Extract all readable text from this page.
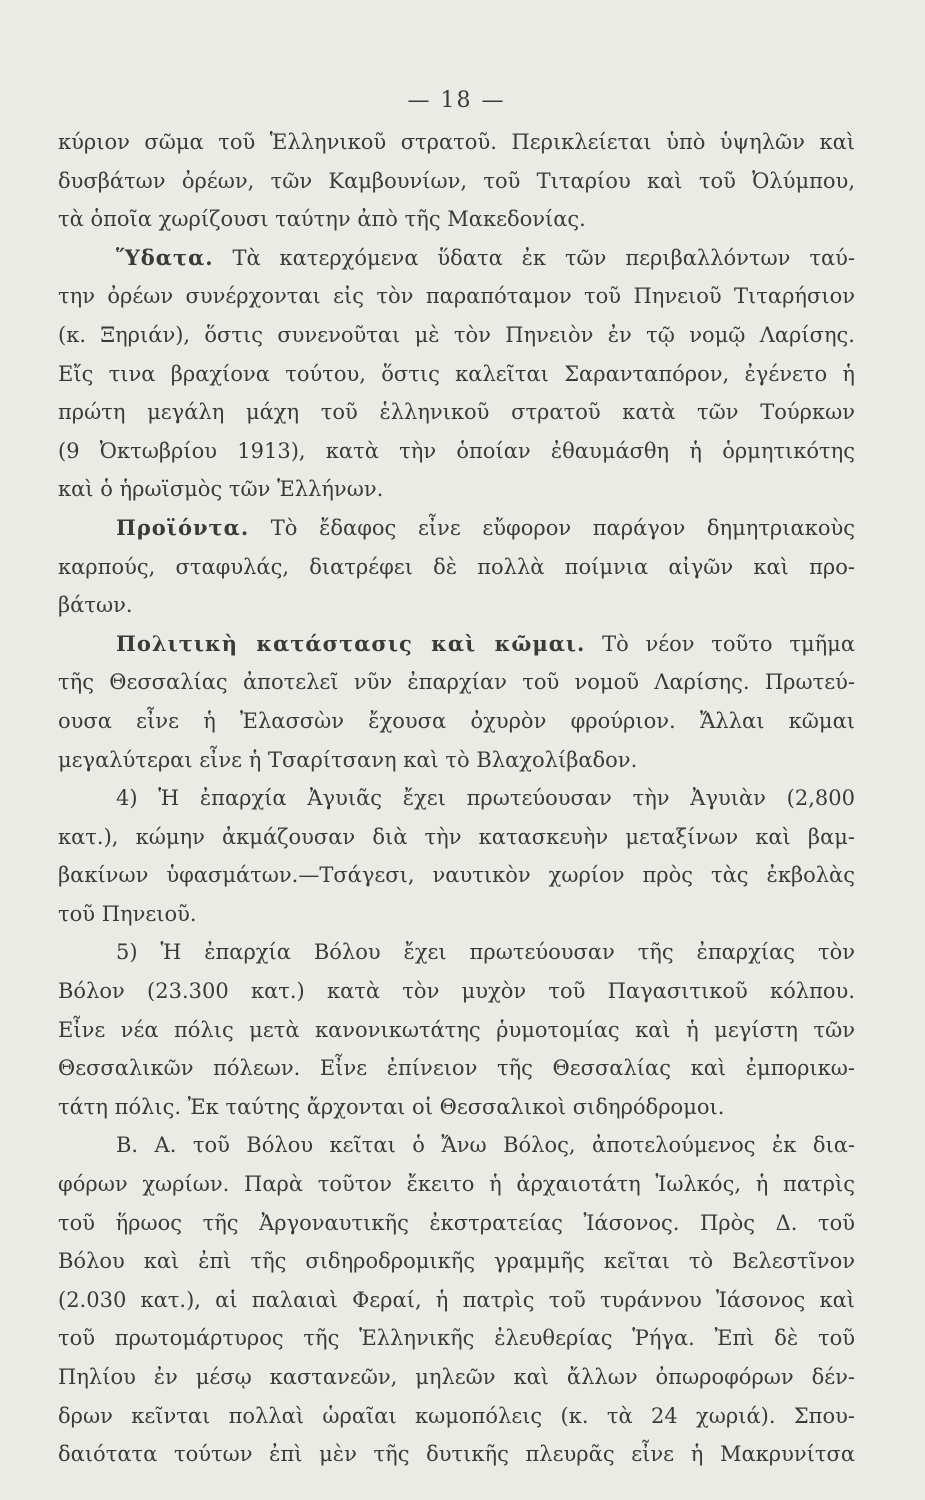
— 18 —

κύριον σῶμα τοῦ Ἑλληνικοῦ στρατοῦ. Περικλείεται ὑπὸ ὑψηλῶν καὶ
δυσβάτων ὀρέων, τῶν Καμβουνίων, τοῦ Τιταρίου καὶ τοῦ Ὀλύμπου,
τὰ ὁποῖα χωρίζουσι ταύτην ἀπὸ τῆς Μακεδονίας.

Ὕδατα. Τὰ κατερχόμενα ὕδατα ἐκ τῶν περιβαλλόντων ταύ-
την ὀρέων συνέρχονται εἰς τὸν παραπόταμον τοῦ Πηνειοῦ Τιταρήσιον
(κ. Ξηριάν), ὅστις συνενοῦται μὲ τὸν Πηνειὸν ἐν τῷ νομῷ Λαρίσης.
Εἴς τινα βραχίονα τούτου, ὅστις καλεῖται Σαρανταπόρον, ἐγένετο ἡ
πρώτη μεγάλη μάχη τοῦ ἑλληνικοῦ στρατοῦ κατὰ τῶν Τούρκων
(9 Ὀκτωβρίου 1913), κατὰ τὴν ὁποίαν ἐθαυμάσθη ἡ ὁρμητικότης
καὶ ὁ ἡρωϊσμὸς τῶν Ἑλλήνων.

Προϊόντα. Τὸ ἔδαφος εἶνε εὔφορον παράγον δημητριακοὺς
καρπούς, σταφυλάς, διατρέφει δὲ πολλὰ ποίμνια αἰγῶν καὶ προ-
βάτων.

Πολιτικὴ κατάστασις καὶ κῶμαι. Τὸ νέον τοῦτο τμῆμα
τῆς Θεσσαλίας ἀποτελεῖ νῦν ἐπαρχίαν τοῦ νομοῦ Λαρίσης. Πρωτεύ-
ουσα εἶνε ἡ Ἐλασσὼν ἔχουσα ὀχυρὸν φρούριον. Ἄλλαι κῶμαι
μεγαλύτεραι εἶνε ἡ Τσαρίτσανη καὶ τὸ Βλαχολίβαδον.

4) Ἡ ἐπαρχία Ἀγυιᾶς ἔχει πρωτεύουσαν τὴν Ἀγυιὰν (2,800
κατ.), κώμην ἀκμάζουσαν διὰ τὴν κατασκευὴν μεταξίνων καὶ βαμ-
βακίνων ὑφασμάτων.—Τσάγεσι, ναυτικὸν χωρίον πρὸς τὰς ἐκβολὰς
τοῦ Πηνειοῦ.

5) Ἡ ἐπαρχία Βόλου ἔχει πρωτεύουσαν τῆς ἐπαρχίας τὸν
Βόλον (23.300 κατ.) κατὰ τὸν μυχὸν τοῦ Παγασιτικοῦ κόλπου.
Εἶνε νέα πόλις μετὰ κανονικωτάτης ῥυμοτομίας καὶ ἡ μεγίστη τῶν
Θεσσαλικῶν πόλεων. Εἶνε ἐπίνειον τῆς Θεσσαλίας καὶ ἐμπορικω-
τάτη πόλις. Ἐκ ταύτης ἄρχονται οἱ Θεσσαλικοὶ σιδηρόδρομοι.

Β. Α. τοῦ Βόλου κεῖται ὁ Ἄνω Βόλος, ἀποτελούμενος ἐκ δια-
φόρων χωρίων. Παρὰ τοῦτον ἔκειτο ἡ ἀρχαιοτάτη Ἰωλκός, ἡ πατρὶς
τοῦ ἥρωος τῆς Ἀργοναυτικῆς ἐκστρατείας Ἰάσονος. Πρὸς Δ. τοῦ
Βόλου καὶ ἐπὶ τῆς σιδηροδρομικῆς γραμμῆς κεῖται τὸ Βελεστῖνον
(2.030 κατ.), αἱ παλαιαὶ Φεραί, ἡ πατρὶς τοῦ τυράννου Ἰάσονος καὶ
τοῦ πρωτομάρτυρος τῆς Ἑλληνικῆς ἐλευθερίας Ῥήγα. Ἐπὶ δὲ τοῦ
Πηλίου ἐν μέσῳ καστανεῶν, μηλεῶν καὶ ἄλλων ὀπωροφόρων δέν-
δρων κεῖνται πολλαὶ ὡραῖαι κωμοπόλεις (κ. τὰ 24 χωριά). Σπου-
δαιότατα τούτων ἐπὶ μὲν τῆς δυτικῆς πλευρᾶς εἶνε ἡ Μακρυνίτσα
